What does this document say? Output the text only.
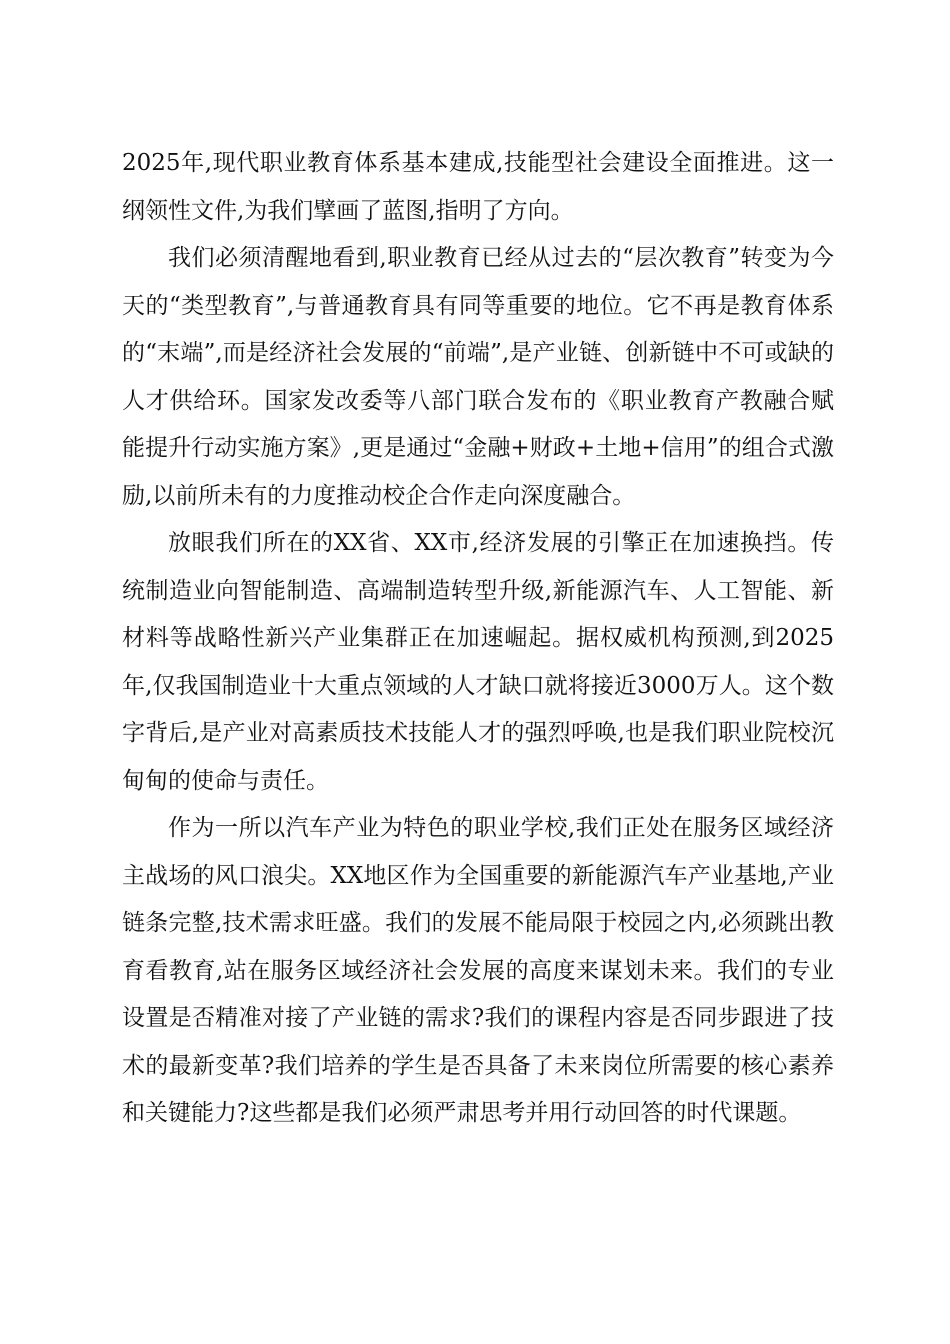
2025年,现代职业教育体系基本建成,技能型社会建设全面推进。这一纲领性文件,为我们擘画了蓝图,指明了方向。

我们必须清醒地看到,职业教育已经从过去的“层次教育”转变为今天的“类型教育”,与普通教育具有同等重要的地位。它不再是教育体系的“末端”,而是经济社会发展的“前端”,是产业链、创新链中不可或缺的人才供给环。国家发改委等八部门联合发布的《职业教育产教融合赋能提升行动实施方案》,更是通过“金融+财政+土地+信用”的组合式激励,以前所未有的力度推动校企合作走向深度融合。

放眼我们所在的XX省、XX市,经济发展的引擎正在加速换挡。传统制造业向智能制造、高端制造转型升级,新能源汽车、人工智能、新材料等战略性新兴产业集群正在加速崛起。据权威机构预测,到2025年,仅我国制造业十大重点领域的人才缺口就将接近3000万人。这个数字背后,是产业对高素质技术技能人才的强烈呼唤,也是我们职业院校沉甸甸的使命与责任。

作为一所以汽车产业为特色的职业学校,我们正处在服务区域经济主战场的风口浪尖。XX地区作为全国重要的新能源汽车产业基地,产业链条完整,技术需求旺盛。我们的发展不能局限于校园之内,必须跳出教育看教育,站在服务区域经济社会发展的高度来谋划未来。我们的专业设置是否精准对接了产业链的需求?我们的课程内容是否同步跟进了技术的最新变革?我们培养的学生是否具备了未来岗位所需要的核心素养和关键能力?这些都是我们必须严肃思考并用行动回答的时代课题。
